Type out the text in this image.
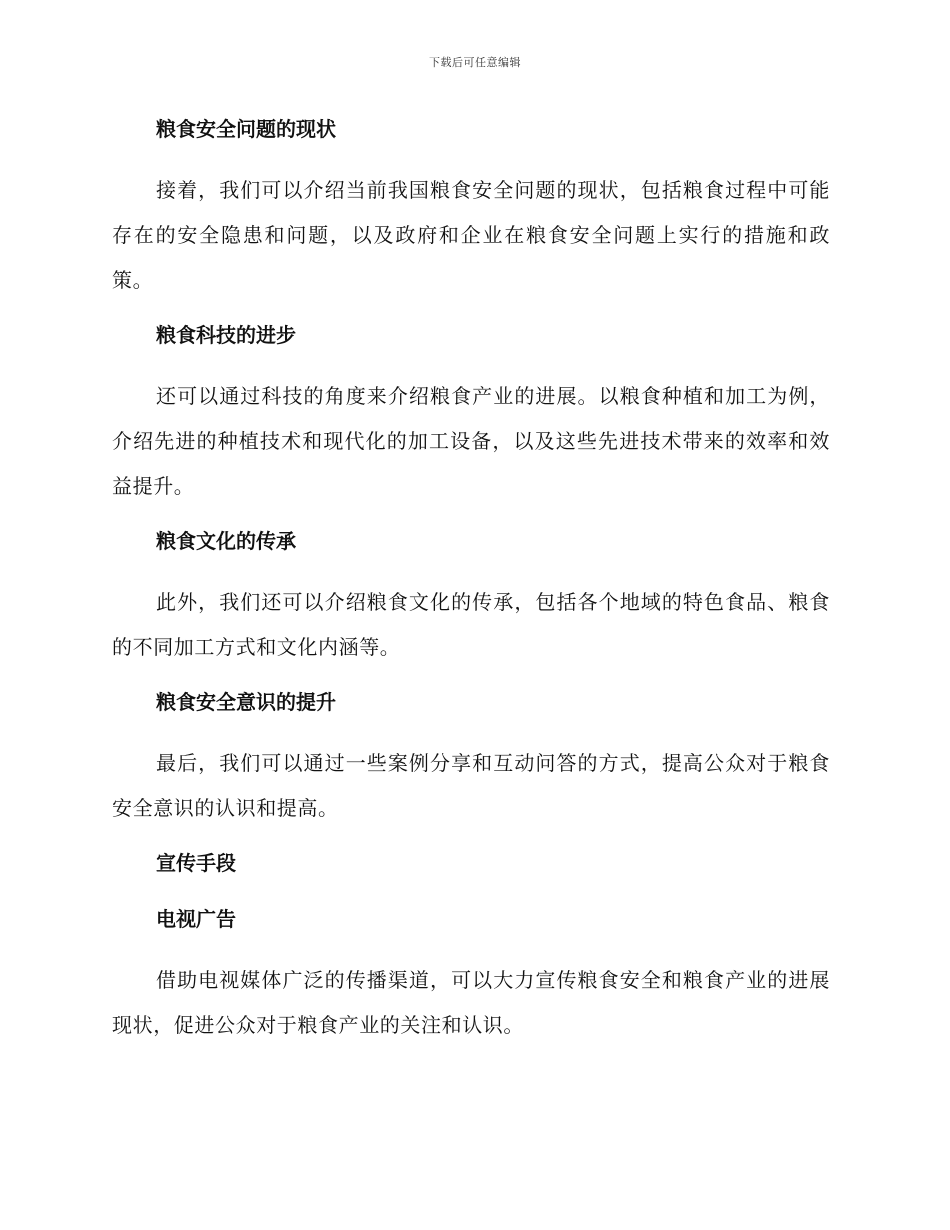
下载后可任意编辑
粮食安全问题的现状

接着，我们可以介绍当前我国粮食安全问题的现状，包括粮食过程中可能存在的安全隐患和问题，以及政府和企业在粮食安全问题上实行的措施和政策。

粮食科技的进步

还可以通过科技的角度来介绍粮食产业的进展。以粮食种植和加工为例，介绍先进的种植技术和现代化的加工设备，以及这些先进技术带来的效率和效益提升。

粮食文化的传承

此外，我们还可以介绍粮食文化的传承，包括各个地域的特色食品、粮食的不同加工方式和文化内涵等。

粮食安全意识的提升

最后，我们可以通过一些案例分享和互动问答的方式，提高公众对于粮食安全意识的认识和提高。

宣传手段
电视广告

借助电视媒体广泛的传播渠道，可以大力宣传粮食安全和粮食产业的进展现状，促进公众对于粮食产业的关注和认识。
